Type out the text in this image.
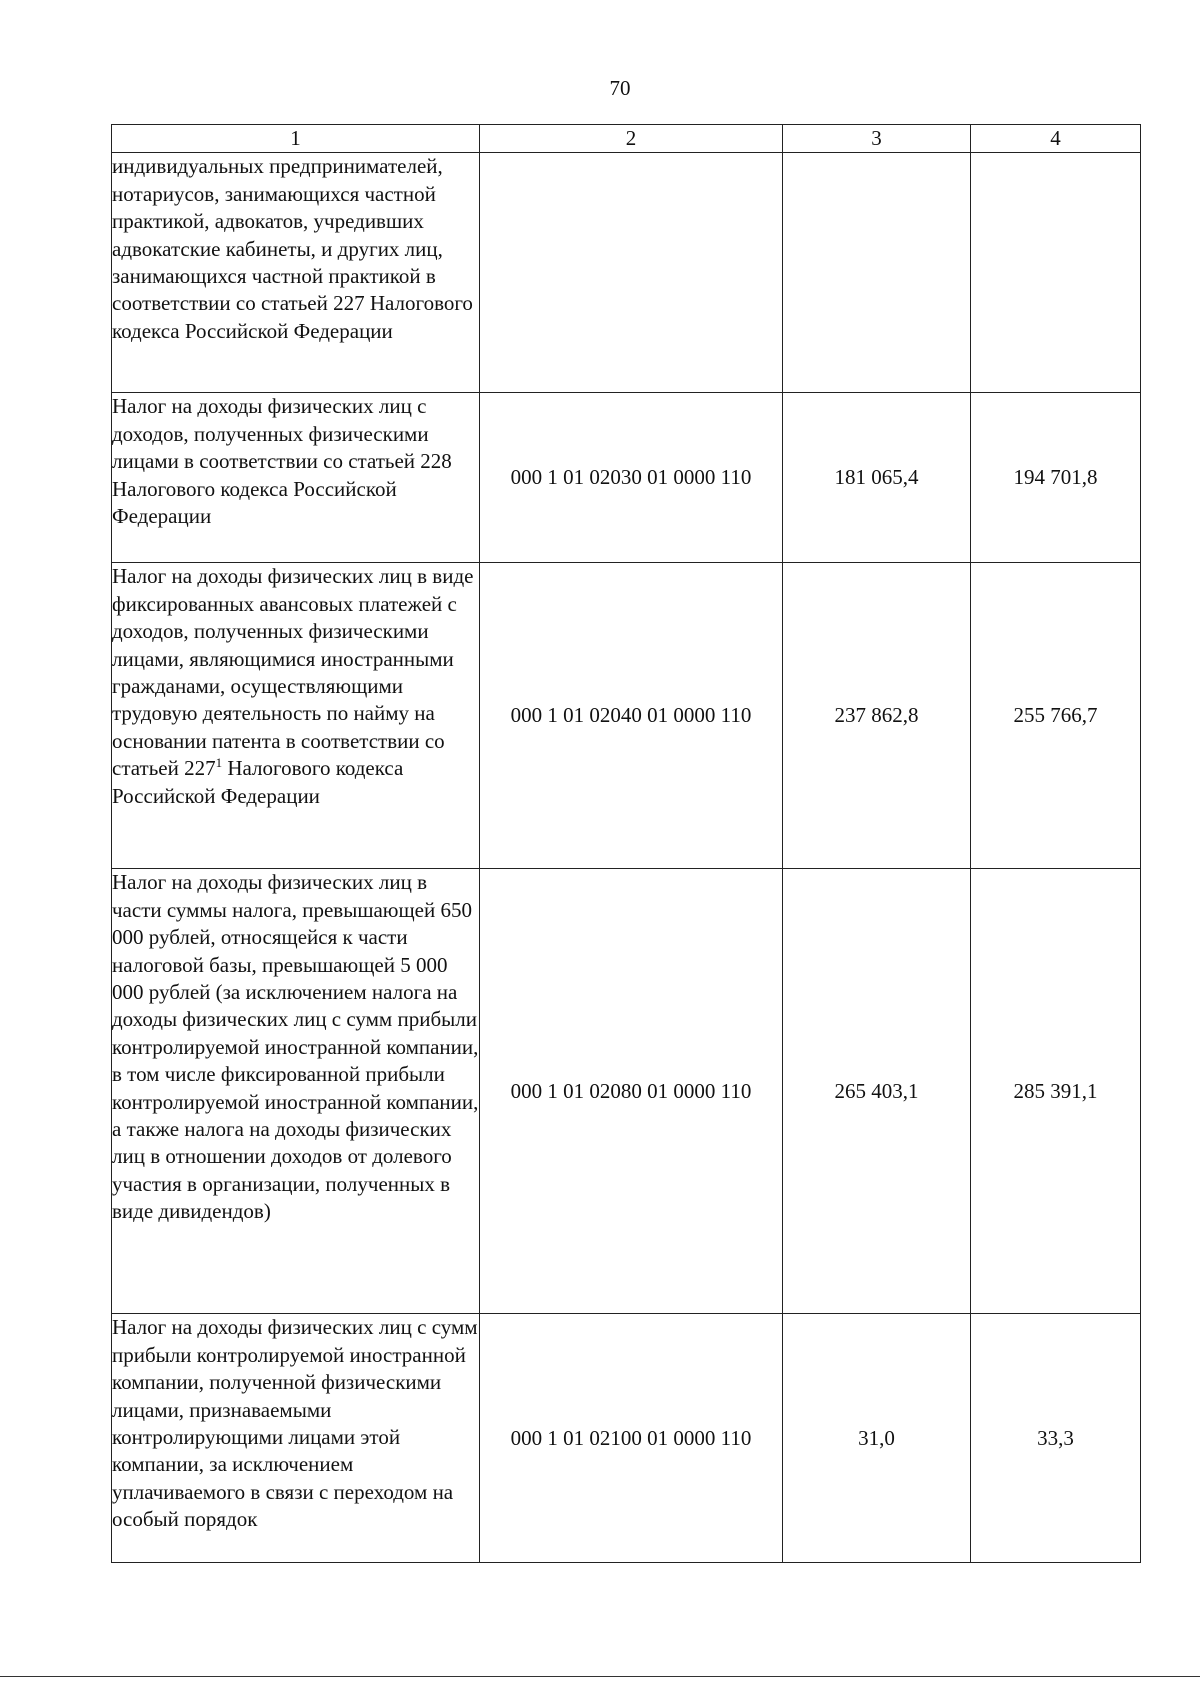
70
1	2	3	4
индивидуальных предпринимателей, нотариусов, занимающихся частной практикой, адвокатов, учредивших адвокатские кабинеты, и других лиц, занимающихся частной практикой в соответствии со статьей 227 Налогового кодекса Российской Федерации			
Налог на доходы физических лиц с доходов, полученных физическими лицами в соответствии со статьей 228 Налогового кодекса Российской Федерации	000 1 01 02030 01 0000 110	181 065,4	194 701,8
Налог на доходы физических лиц в виде фиксированных авансовых платежей с доходов, полученных физическими лицами, являющимися иностранными гражданами, осуществляющими трудовую деятельность по найму на основании патента в соответствии со статьей $227^1$ Налогового кодекса Российской Федерации	000 1 01 02040 01 0000 110	237 862,8	255 766,7
Налог на доходы физических лиц в части суммы налога, превышающей 650 000 рублей, относящейся к части налоговой базы, превышающей 5 000 000 рублей (за исключением налога на доходы физических лиц с сумм прибыли контролируемой иностранной компании, в том числе фиксированной прибыли контролируемой иностранной компании, а также налога на доходы физических лиц в отношении доходов от долевого участия в организации, полученных в виде дивидендов)	000 1 01 02080 01 0000 110	265 403,1	285 391,1
Налог на доходы физических лиц с сумм прибыли контролируемой иностранной компании, полученной физическими лицами, признаваемыми контролирующими лицами этой компании, за исключением уплачиваемого в связи с переходом на особый порядок	000 1 01 02100 01 0000 110	31,0	33,3
